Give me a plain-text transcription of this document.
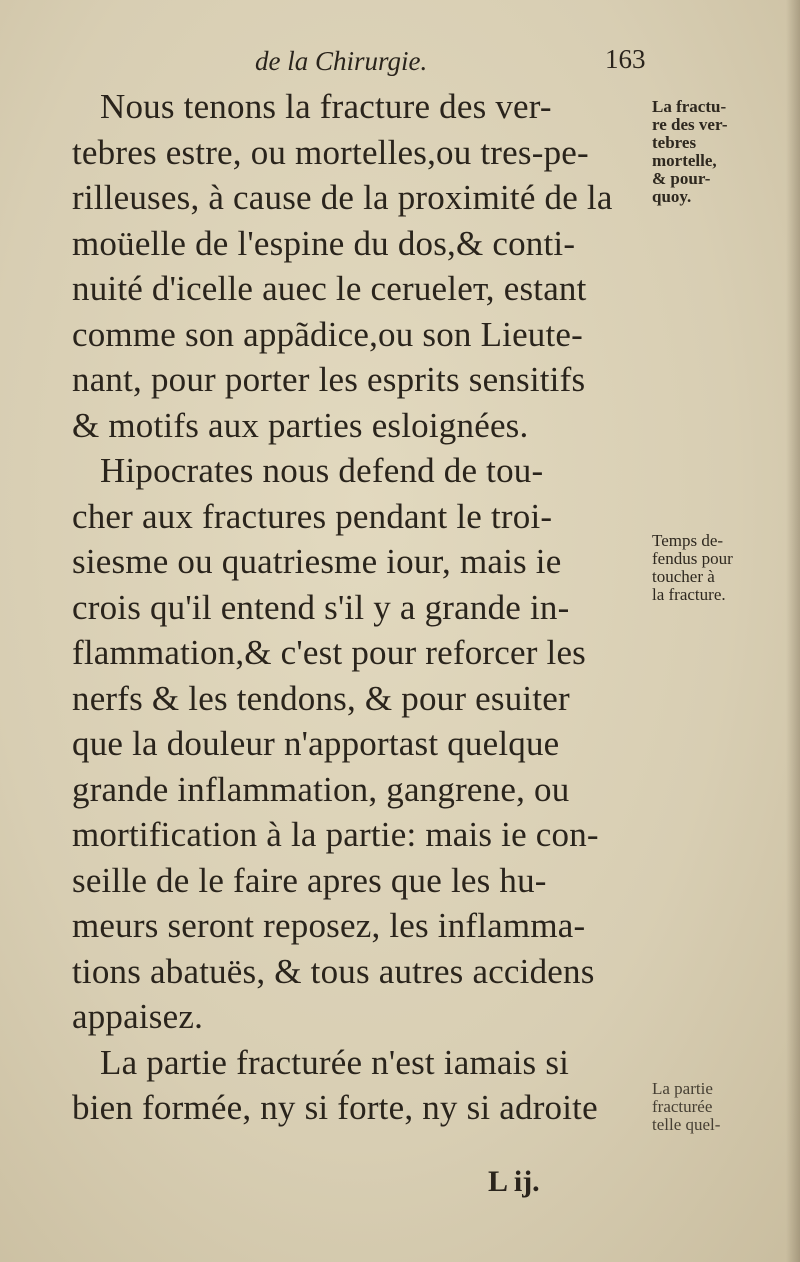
de la Chirurgie.	163
Nous tenons la fracture des ver-
tebres estre, ou mortelles,ou tres-pe-
rilleuses, à cause de la proximité de la
moüelle de l'espine du dos,& conti-
nuité d'icelle auec le cerueleт, estant
comme son appãdice,ou son Lieute-
nant, pour porter les esprits sensitifs
& motifs aux parties esloignées.
Hipocrates nous defend de tou-
cher aux fractures pendant le troi-
siesme ou quatriesme iour, mais ie
crois qu'il entend s'il y a grande in-
flammation,& c'est pour reforcer les
nerfs & les tendons, & pour esuiter
que la douleur n'apportast quelque
grande inflammation, gangrene, ou
mortification à la partie: mais ie con-
seille de le faire apres que les hu-
meurs seront reposez, les inflamma-
tions abatuës, & tous autres accidens
appaisez.
La partie fracturée n'est iamais si
bien formée, ny si forte, ny si adroite
La fractu-
re des ver-
tebres
mortelle,
& pour-
quoy.
Temps de-
fendus pour
toucher à
la fracture.
La partie
fracturée
telle quel-
L ij.
